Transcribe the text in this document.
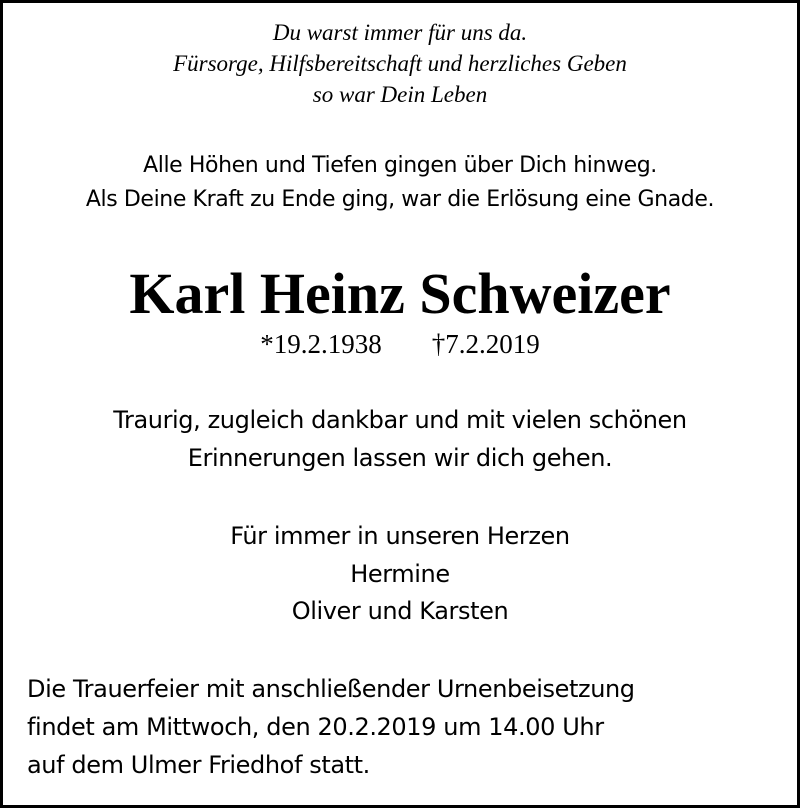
Du warst immer für uns da.
Fürsorge, Hilfsbereitschaft und herzliches Geben
so war Dein Leben
Alle Höhen und Tiefen gingen über Dich hinweg.
Als Deine Kraft zu Ende ging, war die Erlösung eine Gnade.
Karl Heinz Schweizer
*19.2.1938 †7.2.2019
Traurig, zugleich dankbar und mit vielen schönen
Erinnerungen lassen wir dich gehen.
Für immer in unseren Herzen
Hermine
Oliver und Karsten
Die Trauerfeier mit anschließender Urnenbeisetzung
findet am Mittwoch, den 20.2.2019 um 14.00 Uhr
auf dem Ulmer Friedhof statt.
